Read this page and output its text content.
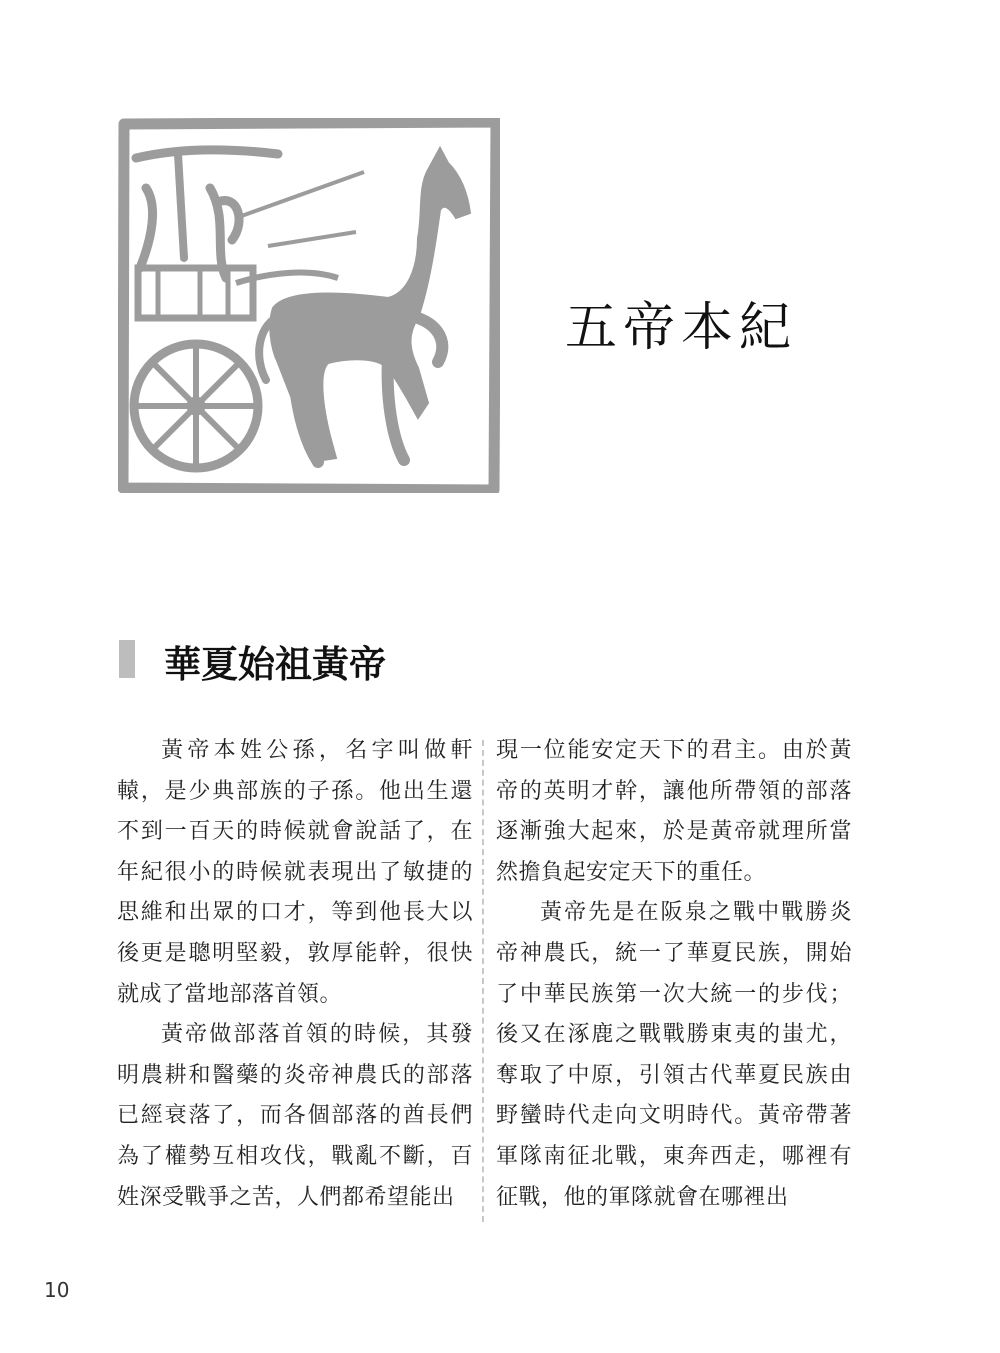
五帝本紀
華夏始祖黃帝

黃帝本姓公孫，名字叫做軒轅，是少典部族的子孫。他出生還不到一百天的時候就會說話了，在年紀很小的時候就表現出了敏捷的思維和出眾的口才，等到他長大以後更是聰明堅毅，敦厚能幹，很快就成了當地部落首領。

黃帝做部落首領的時候，其發明農耕和醫藥的炎帝神農氏的部落已經衰落了，而各個部落的酋長們為了權勢互相攻伐，戰亂不斷，百姓深受戰爭之苦，人們都希望能出

現一位能安定天下的君主。由於黃帝的英明才幹，讓他所帶領的部落逐漸強大起來，於是黃帝就理所當然擔負起安定天下的重任。

黃帝先是在阪泉之戰中戰勝炎帝神農氏，統一了華夏民族，開始了中華民族第一次大統一的步伐；後又在涿鹿之戰戰勝東夷的蚩尤，奪取了中原，引領古代華夏民族由野蠻時代走向文明時代。黃帝帶著軍隊南征北戰，東奔西走，哪裡有征戰，他的軍隊就會在哪裡出

10
